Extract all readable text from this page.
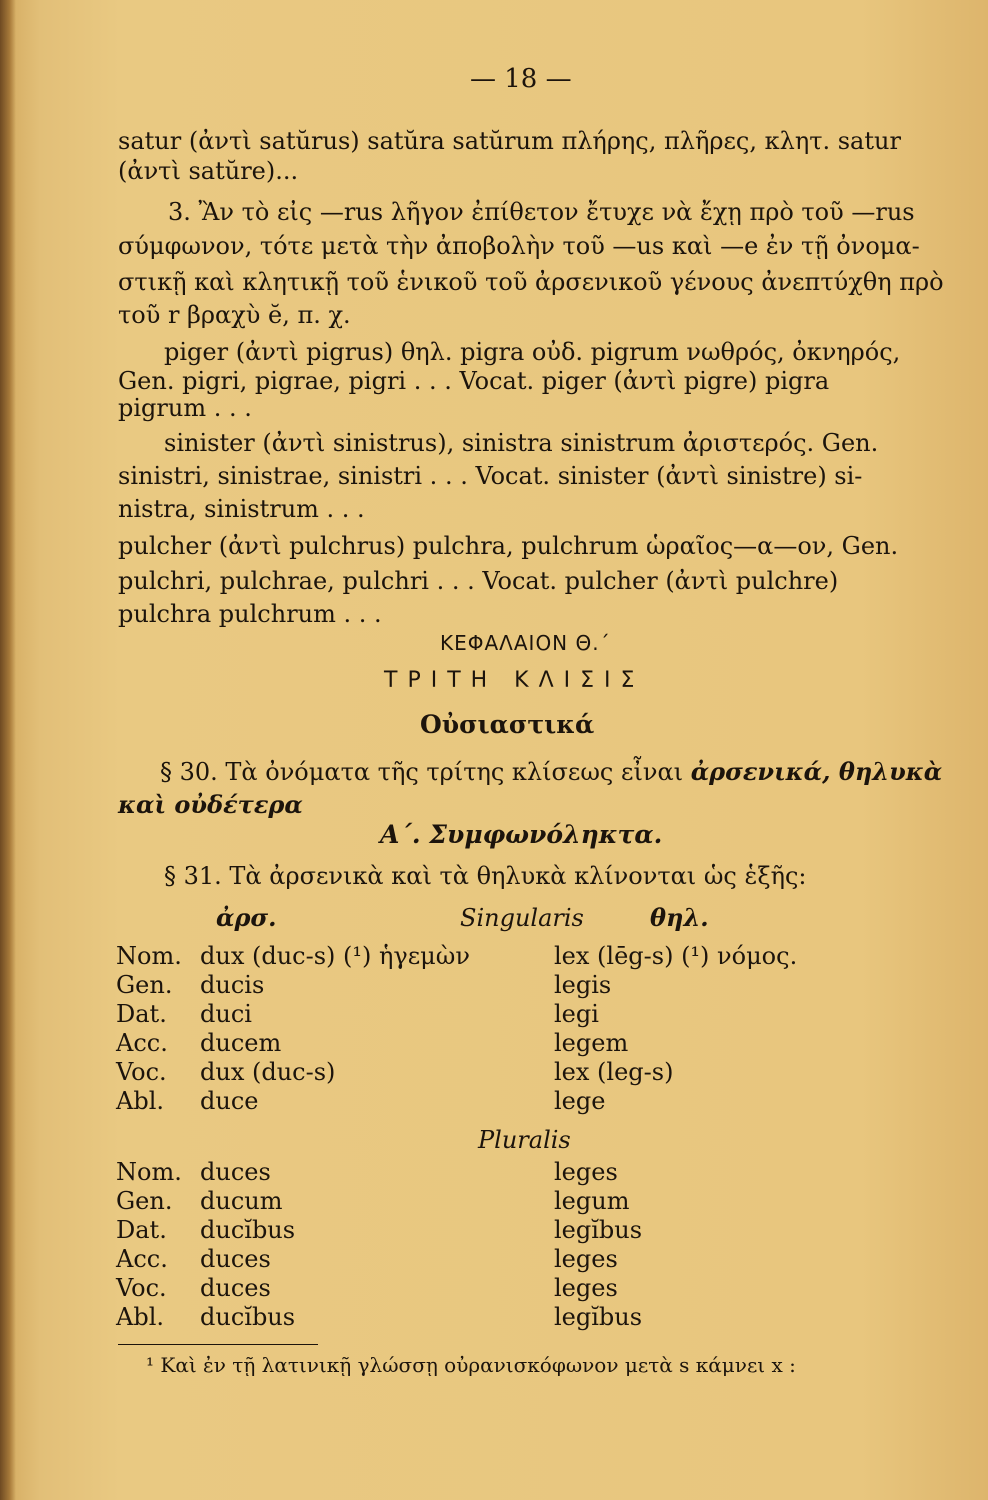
— 18 —
satur (ἀντὶ satŭrus) satŭra satŭrum πλήρης, πλῆρες, κλητ. satur
(ἀντὶ satŭre)...
3. Ἂν τὸ εἰς —rus λῆγον ἐπίθετον ἔτυχε νὰ ἔχῃ πρὸ τοῦ —rus
σύμφωνον, τότε μετὰ τὴν ἀποβολὴν τοῦ —us καὶ —e ἐν τῇ ὀνομα-
στικῇ καὶ κλητικῇ τοῦ ἑνικοῦ τοῦ ἀρσενικοῦ γένους ἀνεπτύχθη πρὸ
τοῦ r βραχὺ ĕ, π. χ.
piger (ἀντὶ pigrus) θηλ. pigra οὐδ. pigrum νωθρός, ὀκνηρός,
Gen. pigri, pigrae, pigri . . . Vocat. piger (ἀντὶ pigre) pigra
pigrum . . .
sinister (ἀντὶ sinistrus), sinistra sinistrum ἀριστερός. Gen.
sinistri, sinistrae, sinistri . . . Vocat. sinister (ἀντὶ sinistre) si-
nistra, sinistrum . . .
pulcher (ἀντὶ pulchrus) pulchra, pulchrum ὡραῖος—α—ον, Gen.
pulchri, pulchrae, pulchri . . . Vocat. pulcher (ἀντὶ pulchre)
pulchra pulchrum . . .
ΚΕΦΑΛΑΙΟΝ Θ.΄
ΤΡΙΤΗ ΚΛΙΣΙΣ
Οὐσιαστικά
§ 30. Τὰ ὀνόματα τῆς τρίτης κλίσεως εἶναι ἀρσενικά, θηλυκὰ
καὶ οὐδέτερα
Α΄. Συμφωνόληκτα.
§ 31. Τὰ ἀρσενικὰ καὶ τὰ θηλυκὰ κλίνονται ὡς ἑξῆς:
ἀρσ.	Singularis	θηλ.
Nom. dux (duc-s) (¹) ἡγεμὼν	lex (lēg-s) (¹) νόμος.
Gen. ducis	legis
Dat. duci	legi
Acc. ducem	legem
Voc. dux (duc-s)	lex (leg-s)
Abl. duce	lege
Pluralis
Nom. duces	leges
Gen. ducum	legum
Dat. ducĭbus	legĭbus
Acc. duces	leges
Voc. duces	leges
Abl. ducĭbus	legĭbus
¹ Καὶ ἐν τῇ λατινικῇ γλώσσῃ οὐρανισκόφωνον μετὰ s κάμνει x :
